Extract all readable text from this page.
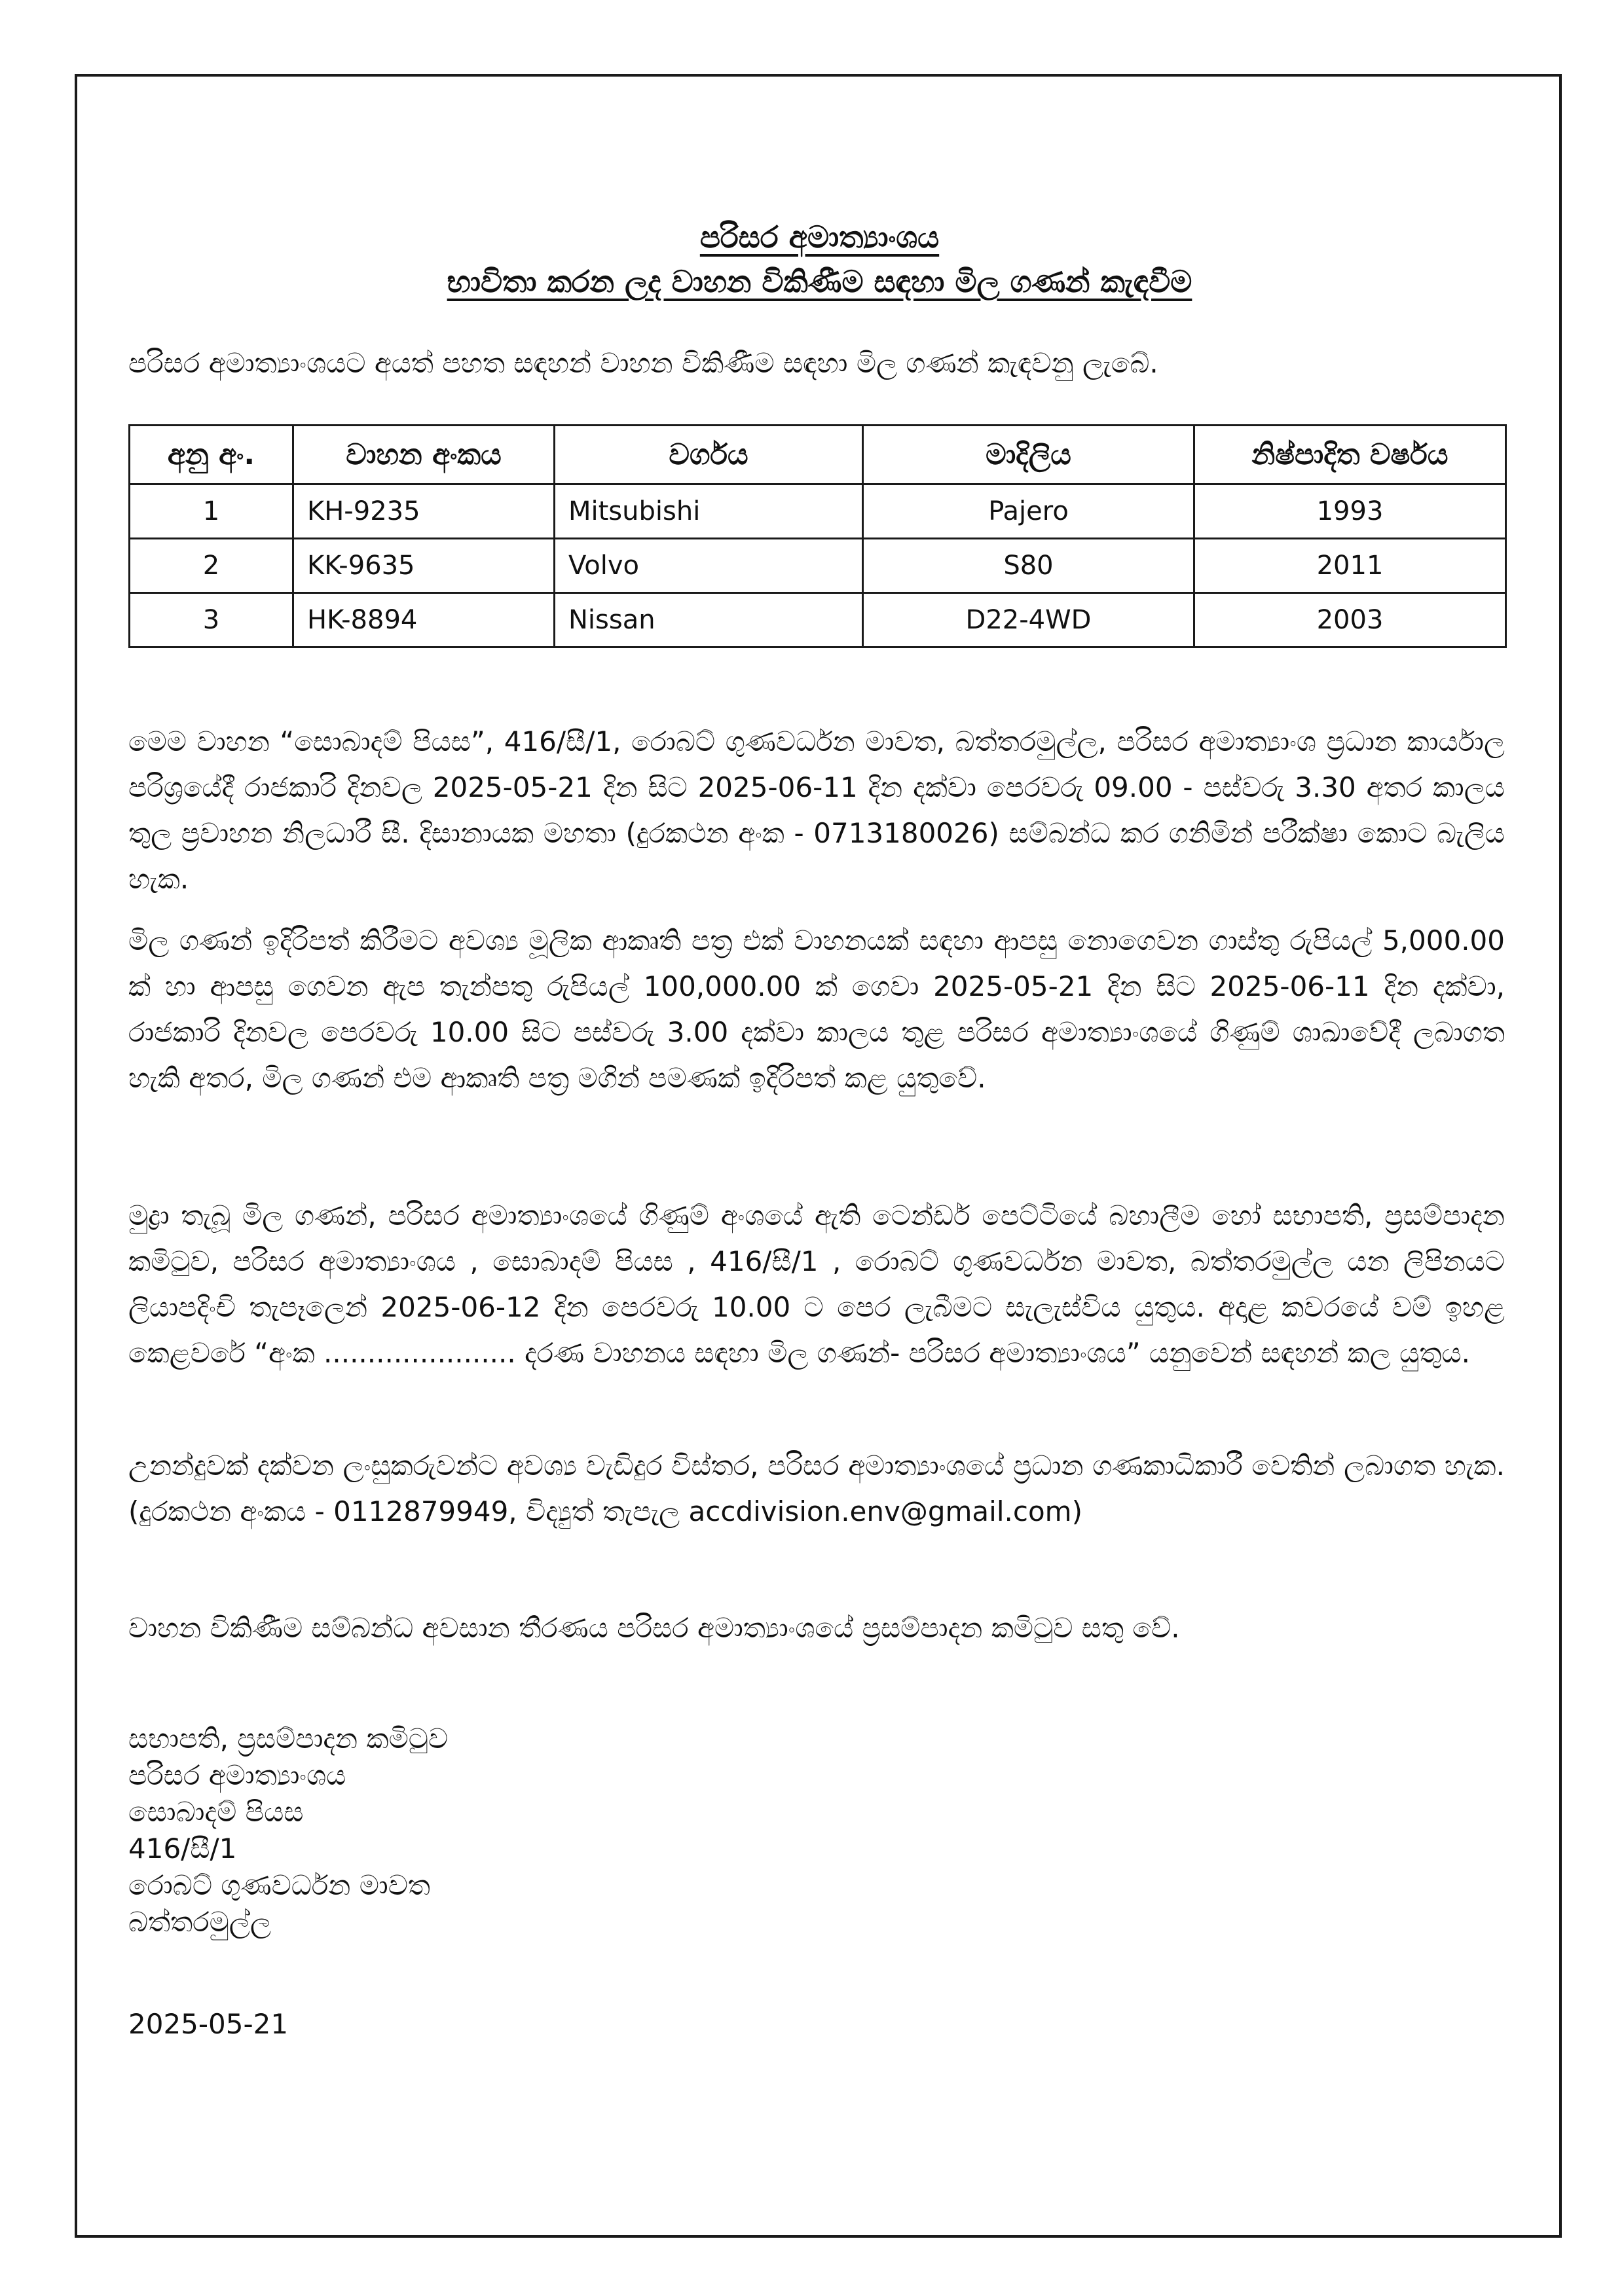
පරිසර අමාත්‍යාංශය
භාවිතා කරන ලද වාහන විකිණීම සඳහා මිල ගණන් කැඳවීම
පරිසර අමාත්‍යාංශයට අයත් පහත සඳහන් වාහන විකිණීම සඳහා මිල ගණන් කැඳවනු ලැබේ.
අනු අං.	වාහන අංකය	වර්ගය	මාදිලිය	නිෂ්පාදිත වර්ෂය
1	KH-9235	Mitsubishi	Pajero	1993
2	KK-9635	Volvo	S80	2011
3	HK-8894	Nissan	D22-4WD	2003
මෙම වාහන “සොබාදම් පියස”, 416/සී/1, රොබට් ගුණවර්ධන මාවත, බත්තරමුල්ල, පරිසර අමාත්‍යාංශ ප්‍රධාන කාර්යාල පරිශ්‍රයේදී රාජකාරි දිනවල 2025-05-21 දින සිට 2025-06-11 දින දක්වා පෙරවරු 09.00 - පස්වරු 3.30 අතර කාලය තුල ප්‍රවාහන නිලධාරී සී. දිසානායක මහතා (දුරකථන අංක - 0713180026) සම්බන්ධ කර ගනිමින් පරීක්ෂා කොට බැලිය හැක.
මිල ගණන් ඉදිරිපත් කිරීමට අවශ්‍ය මූලික ආකෘති පත්‍ර එක් වාහනයක් සඳහා ආපසු නොගෙවන ගාස්තු රුපියල් 5,000.00 ක් හා ආපසු ගෙවන ඇප තැන්පතු රුපියල් 100,000.00 ක් ගෙවා 2025-05-21 දින සිට 2025-06-11 දින දක්වා, රාජකාරි දිනවල පෙරවරු 10.00 සිට පස්වරු 3.00 දක්වා කාලය තුළ පරිසර අමාත්‍යාංශයේ ගිණුම් ශාඛාවේදී ලබාගත හැකි අතර, මිල ගණන් එම ආකෘති පත්‍ර මගින් පමණක් ඉදිරිපත් කළ යුතුවේ.
මුද්‍රා තැබූ මිල ගණන්, පරිසර අමාත්‍යාංශයේ ගිණුම් අංශයේ ඇති ටෙන්ඩර් පෙට්ටියේ බහාලීම හෝ සභාපති, ප්‍රසම්පාදන කමිටුව, පරිසර අමාත්‍යාංශය , සොබාදම් පියස , 416/සී/1 , රොබට් ගුණවර්ධන මාවත, බත්තරමුල්ල යන ලිපිනයට ලියාපදිංචි තැපෑලෙන් 2025-06-12 දින පෙරවරු 10.00 ට පෙර ලැබීමට සැලැස්විය යුතුය. අදාළ කවරයේ වම් ඉහළ කෙළවරේ “අංක ...................... දරණ වාහනය සඳහා මිල ගණන්- පරිසර අමාත්‍යාංශය” යනුවෙන් සඳහන් කල යුතුය.
උනන්දුවක් දක්වන ලංසුකරුවන්ට අවශ්‍ය වැඩිදුර විස්තර, පරිසර අමාත්‍යාංශයේ ප්‍රධාන ගණකාධිකාරී වෙතින් ලබාගත හැක. (දුරකථන අංකය - 0112879949, විද්‍යුත් තැපැල accdivision.env@gmail.com)
වාහන විකිණීම සම්බන්ධ අවසාන තීරණය පරිසර අමාත්‍යාංශයේ ප්‍රසම්පාදන කමිටුව සතු වේ.
සභාපති, ප්‍රසම්පාදන කමිටුව
පරිසර අමාත්‍යාංශය
සොබාදම් පියස
416/සී/1
රොබට් ගුණවර්ධන මාවත
බත්තරමුල්ල
2025-05-21
